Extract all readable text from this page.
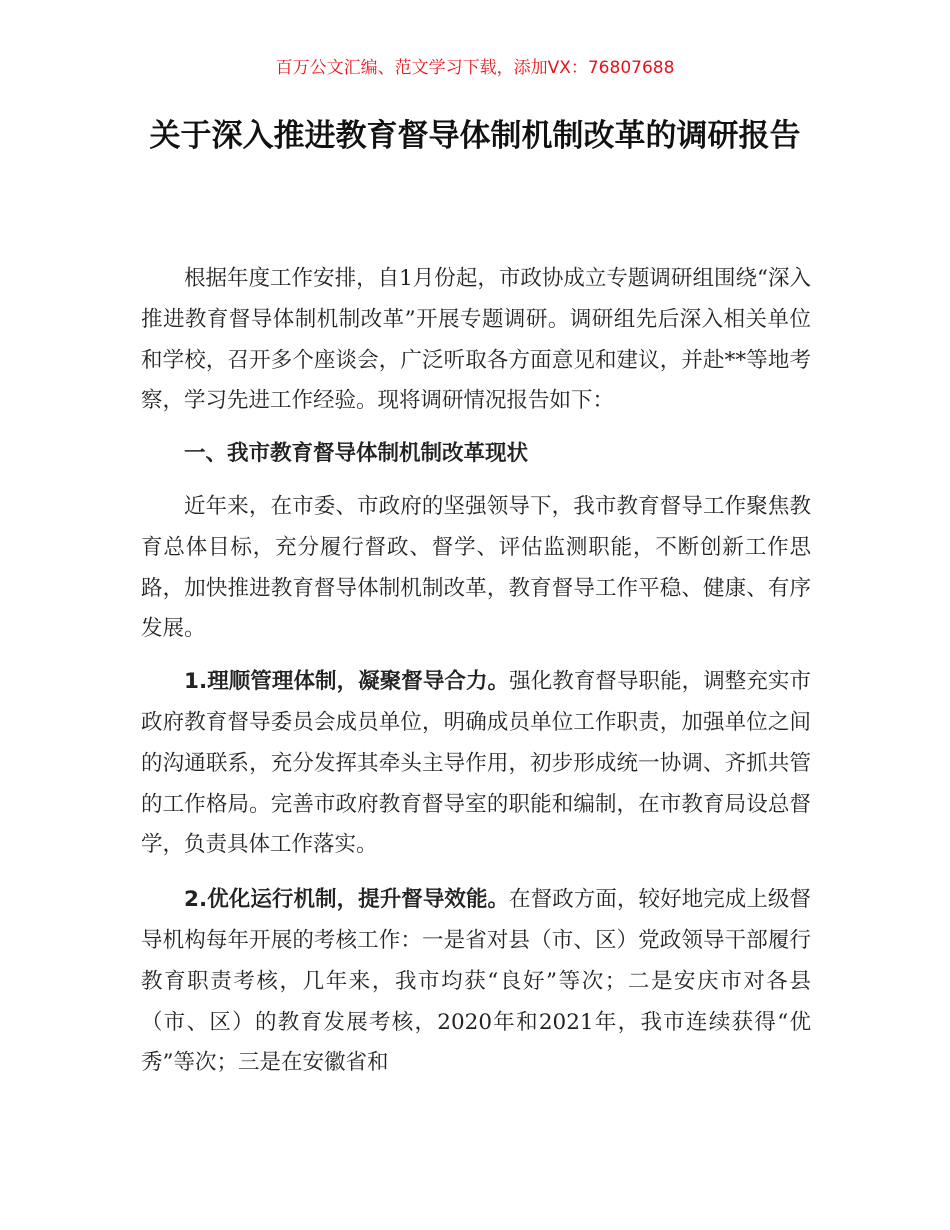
百万公文汇编、范文学习下载，添加VX：76807688
关于深入推进教育督导体制机制改革的调研报告

根据年度工作安排，自1月份起，市政协成立专题调研组围绕“深入推进教育督导体制机制改革”开展专题调研。调研组先后深入相关单位和学校，召开多个座谈会，广泛听取各方面意见和建议，并赴**等地考察，学习先进工作经验。现将调研情况报告如下：

一、我市教育督导体制机制改革现状

近年来，在市委、市政府的坚强领导下，我市教育督导工作聚焦教育总体目标，充分履行督政、督学、评估监测职能，不断创新工作思路，加快推进教育督导体制机制改革，教育督导工作平稳、健康、有序发展。

1.理顺管理体制，凝聚督导合力。强化教育督导职能，调整充实市政府教育督导委员会成员单位，明确成员单位工作职责，加强单位之间的沟通联系，充分发挥其牵头主导作用，初步形成统一协调、齐抓共管的工作格局。完善市政府教育督导室的职能和编制，在市教育局设总督学，负责具体工作落实。

2.优化运行机制，提升督导效能。在督政方面，较好地完成上级督导机构每年开展的考核工作：一是省对县（市、区）党政领导干部履行教育职责考核，几年来，我市均获“良好”等次；二是安庆市对各县（市、区）的教育发展考核，2020年和2021年，我市连续获得“优秀”等次；三是在安徽省和
